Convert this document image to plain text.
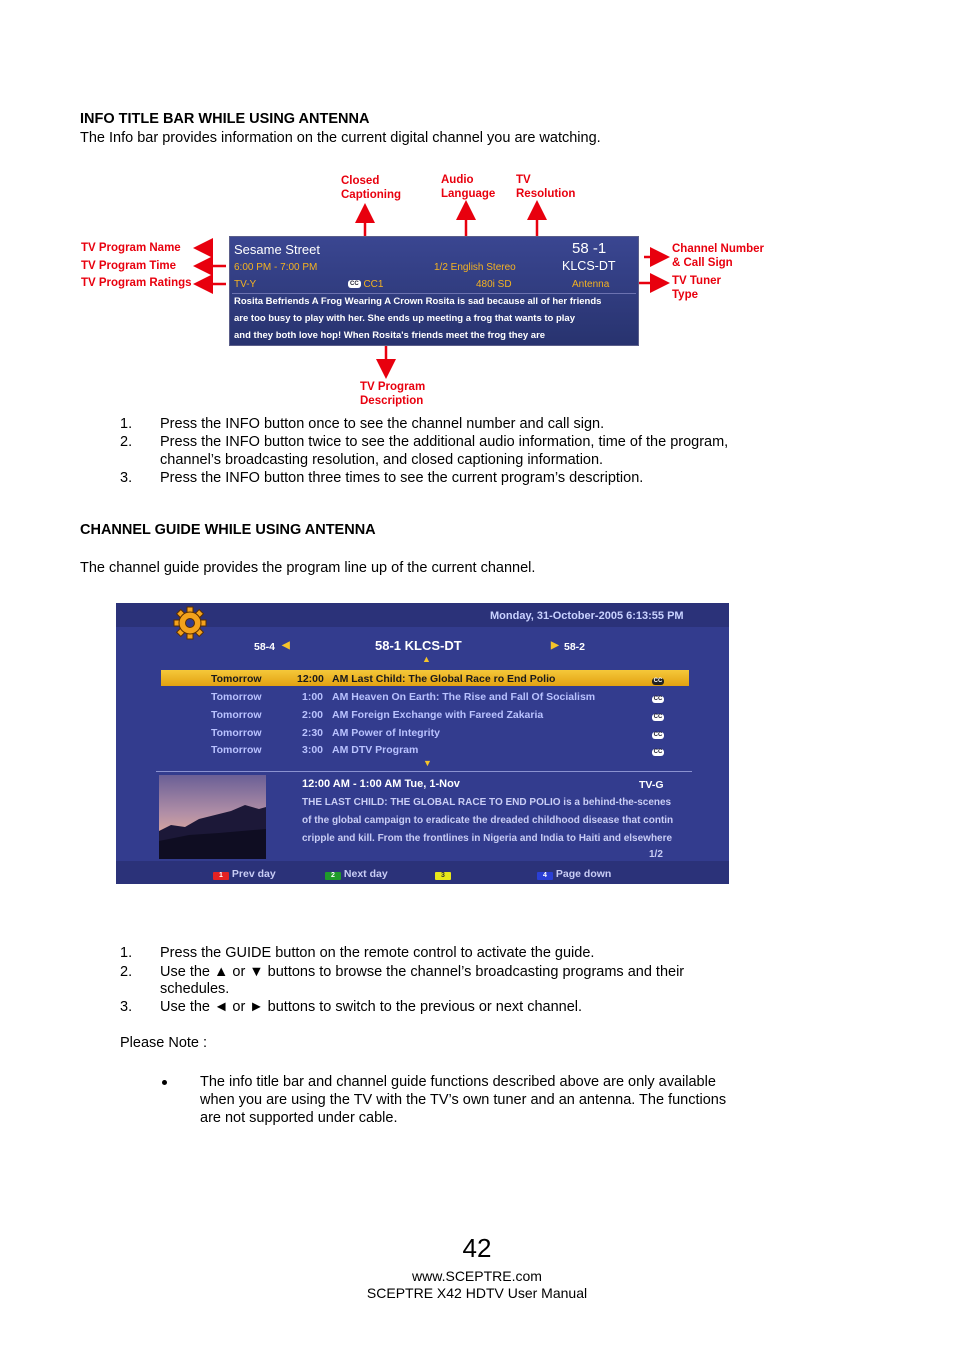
INFO TITLE BAR WHILE USING ANTENNA
The Info bar provides information on the current digital channel you are watching.
Closed
Captioning
Audio
Language
TV
Resolution
TV Program Name
TV Program Time
TV Program Ratings
Channel Number
& Call Sign
TV Tuner
Type
TV Program
Description
Sesame Street	58 -1
6:00 PM - 7:00 PM	1/2 English Stereo	KLCS-DT
TV-Y	CC CC1	480i SD	Antenna
Rosita Befriends A Frog Wearing A Crown Rosita is sad because all of her friends
are too busy to play with her. She ends up meeting a frog that wants to play
and they both love hop! When Rosita's friends meet the frog they are
1. Press the INFO button once to see the channel number and call sign.
2. Press the INFO button twice to see the additional audio information, time of the program,
channel’s broadcasting resolution, and closed captioning information.
3. Press the INFO button three times to see the current program’s description.
CHANNEL GUIDE WHILE USING ANTENNA
The channel guide provides the program line up of the current channel.
Monday, 31-October-2005 6:13:55 PM
58-4 ◀	58-1 KLCS-DT	▶ 58-2
▲
Tomorrow	12:00 AM Last Child: The Global Race ro End Polio	CC
Tomorrow	1:00 AM Heaven On Earth: The Rise and Fall Of Socialism	CC
Tomorrow	2:00 AM Foreign Exchange with Fareed Zakaria	CC
Tomorrow	2:30 AM Power of Integrity	CC
Tomorrow	3:00 AM DTV Program	CC
▼
12:00 AM - 1:00 AM Tue, 1-Nov	TV-G
THE LAST CHILD: THE GLOBAL RACE TO END POLIO is a behind-the-scenes
of the global campaign to eradicate the dreaded childhood disease that contin
cripple and kill. From the frontlines in Nigeria and India to Haiti and elsewhere
1/2
1 Prev day	2 Next day	3	4 Page down
1. Press the GUIDE button on the remote control to activate the guide.
2. Use the ▲ or ▼ buttons to browse the channel’s broadcasting programs and their
schedules.
3. Use the ◄ or ► buttons to switch to the previous or next channel.
Please Note :
The info title bar and channel guide functions described above are only available
when you are using the TV with the TV’s own tuner and an antenna. The functions
are not supported under cable.
42
www.SCEPTRE.com
SCEPTRE X42 HDTV User Manual
